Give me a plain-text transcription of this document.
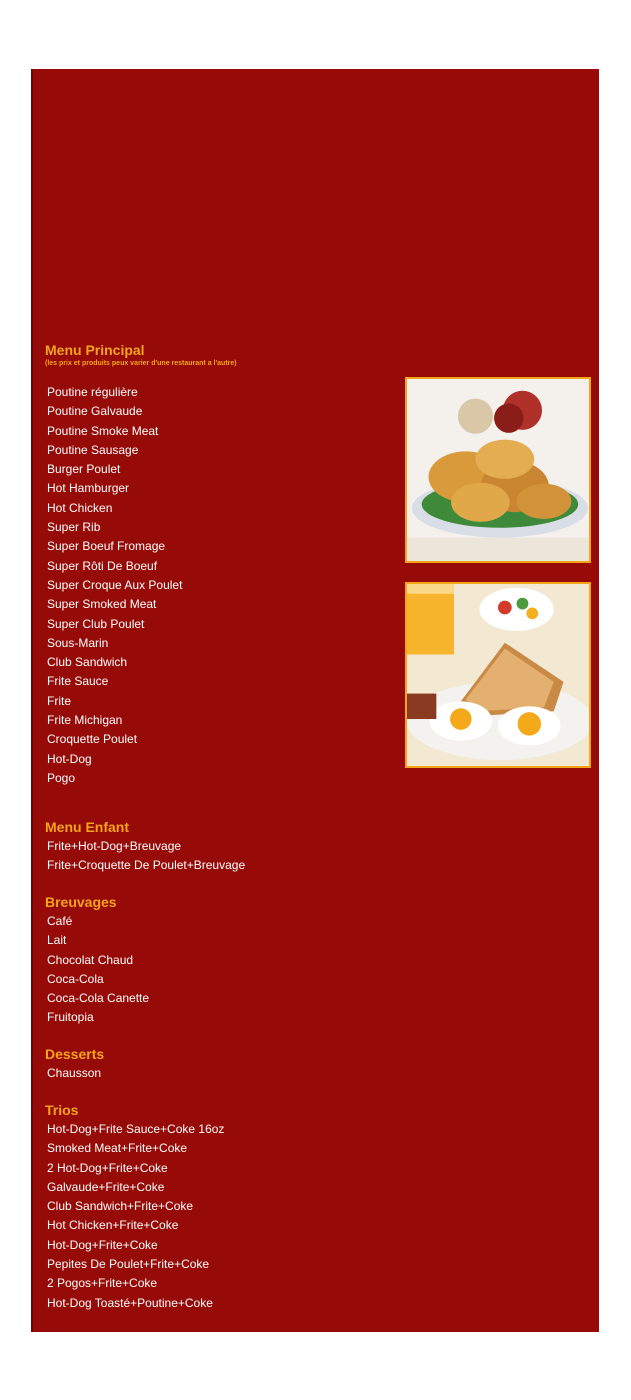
Menu Principal
(les prix et produits peux varier d'une restaurant a l'autre)
Poutine régulière
Poutine Galvaude
Poutine Smoke Meat
Poutine Sausage
Burger Poulet
Hot Hamburger
Hot Chicken
Super Rib
Super Boeuf Fromage
Super Rôti De Boeuf
Super Croque Aux Poulet
Super Smoked Meat
Super Club Poulet
Sous-Marin
Club Sandwich
Frite Sauce
Frite
Frite Michigan
Croquette Poulet
Hot-Dog
Pogo
Menu Enfant
Frite+Hot-Dog+Breuvage
Frite+Croquette De Poulet+Breuvage
Breuvages
Café
Lait
Chocolat Chaud
Coca-Cola
Coca-Cola Canette
Fruitopia
Desserts
Chausson
Trios
Hot-Dog+Frite Sauce+Coke 16oz
Smoked Meat+Frite+Coke
2 Hot-Dog+Frite+Coke
Galvaude+Frite+Coke
Club Sandwich+Frite+Coke
Hot Chicken+Frite+Coke
Hot-Dog+Frite+Coke
Pepites De Poulet+Frite+Coke
2 Pogos+Frite+Coke
Hot-Dog Toasté+Poutine+Coke
